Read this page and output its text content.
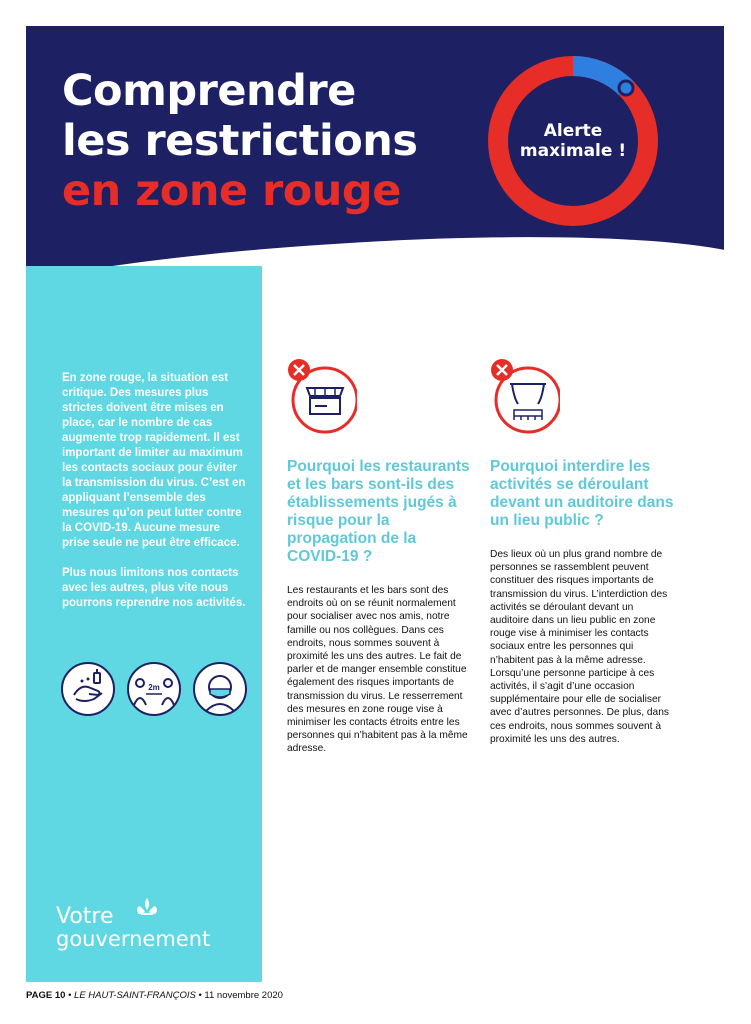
Comprendre
les restrictions
en zone rouge
Alerte
maximale !

En zone rouge, la situation est critique. Des mesures plus strictes doivent être mises en place, car le nombre de cas augmente trop rapidement. Il est important de limiter au maximum les contacts sociaux pour éviter la transmission du virus. C’est en appliquant l’ensemble des mesures qu’on peut lutter contre la COVID-19. Aucune mesure prise seule ne peut être efficace.

Plus nous limitons nos contacts avec les autres, plus vite nous pourrons reprendre nos activités.

2m
Votre
gouvernement
Pourquoi les restaurants et les bars sont-ils des établissements jugés à risque pour la propagation de la COVID-19 ?

Les restaurants et les bars sont des endroits où on se réunit normalement pour socialiser avec nos amis, notre famille ou nos collègues. Dans ces endroits, nous sommes souvent à proximité les uns des autres. Le fait de parler et de manger ensemble constitue également des risques importants de transmission du virus. Le resserrement des mesures en zone rouge vise à minimiser les contacts étroits entre les personnes qui n’habitent pas à la même adresse.

Pourquoi interdire les activités se déroulant devant un auditoire dans un lieu public ?

Des lieux où un plus grand nombre de personnes se rassemblent peuvent constituer des risques importants de transmission du virus. L’interdiction des activités se déroulant devant un auditoire dans un lieu public en zone rouge vise à minimiser les contacts sociaux entre les personnes qui n’habitent pas à la même adresse. Lorsqu’une personne participe à ces activités, il s’agit d’une occasion supplémentaire pour elle de socialiser avec d’autres personnes. De plus, dans ces endroits, nous sommes souvent à proximité les uns des autres.

PAGE 10 • LE HAUT-SAINT-FRANÇOIS • 11 novembre 2020
